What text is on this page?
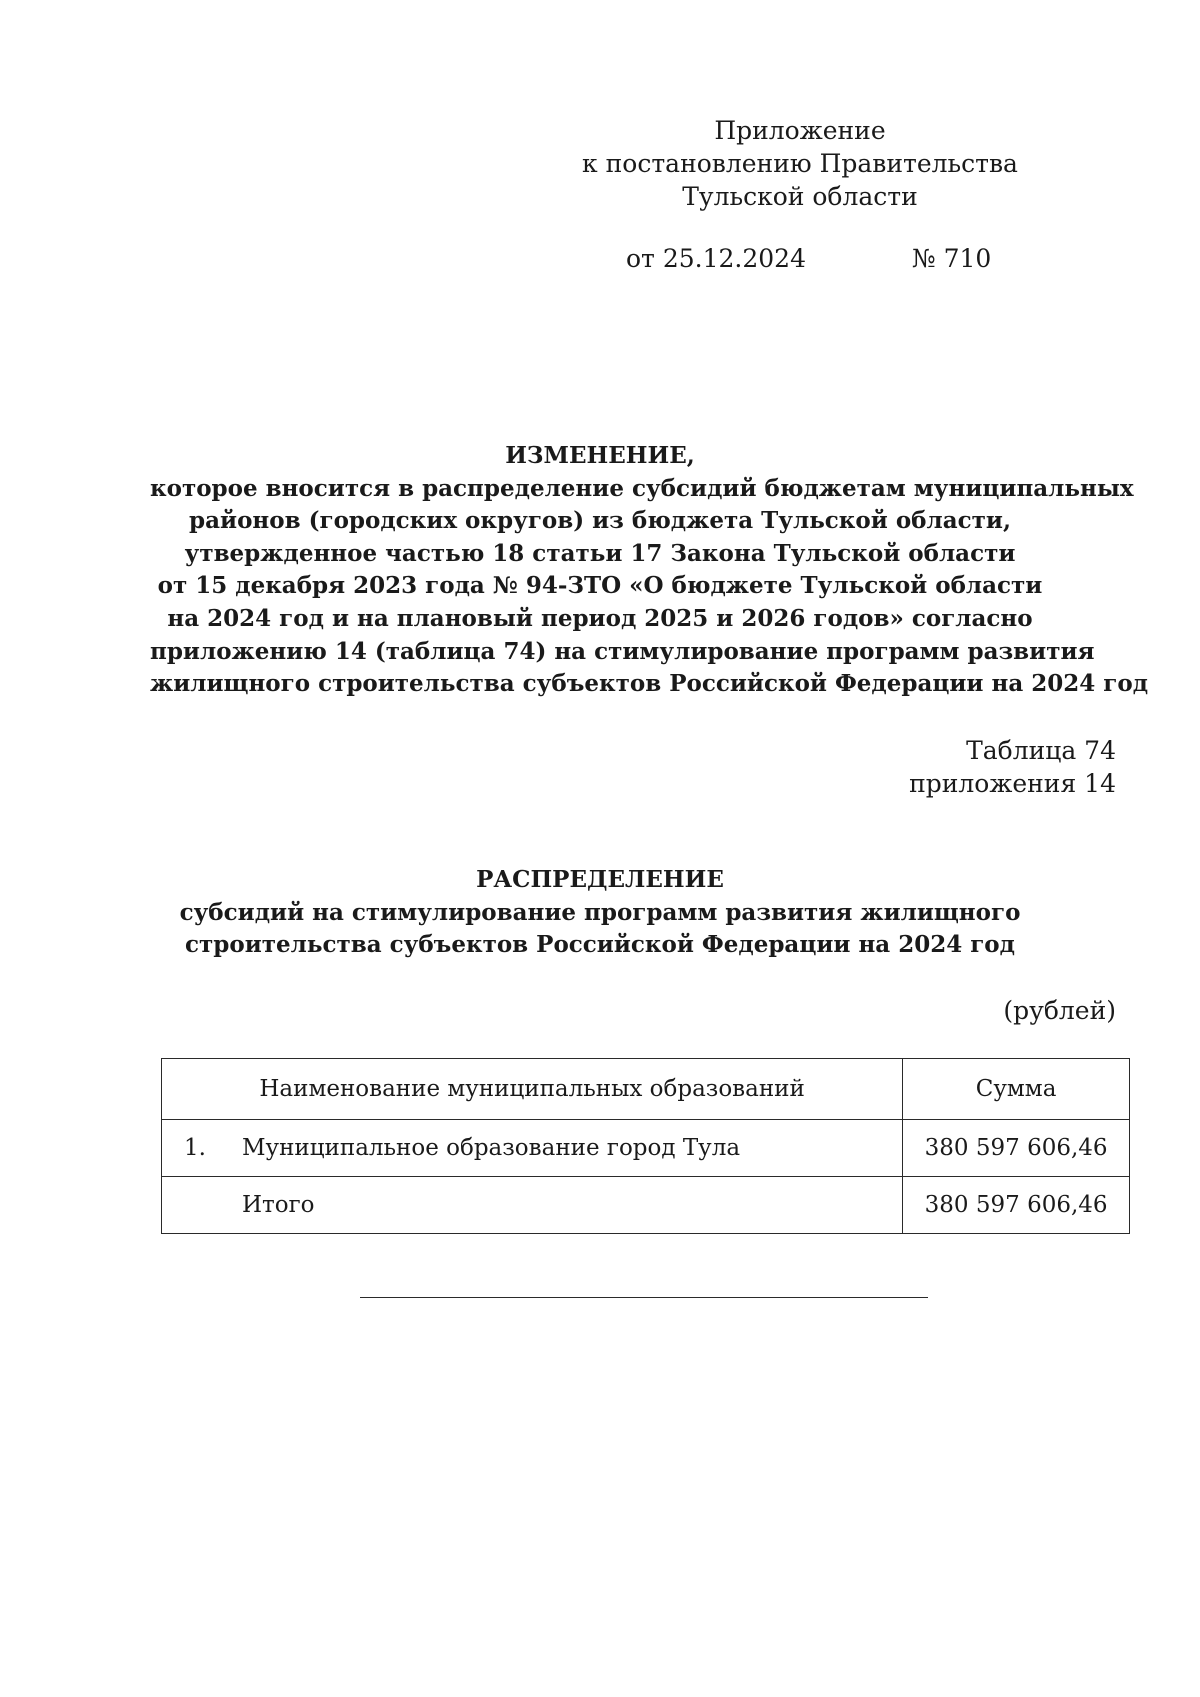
Приложение
к постановлению Правительства
Тульской области
от 25.12.2024	№ 710
ИЗМЕНЕНИЕ,
которое вносится в распределение субсидий бюджетам муниципальных
районов (городских округов) из бюджета Тульской области,
утвержденное частью 18 статьи 17 Закона Тульской области
от 15 декабря 2023 года № 94-ЗТО «О бюджете Тульской области
на 2024 год и на плановый период 2025 и 2026 годов» согласно
приложению 14 (таблица 74) на стимулирование программ развития
жилищного строительства субъектов Российской Федерации на 2024 год
Таблица 74
приложения 14
РАСПРЕДЕЛЕНИЕ
субсидий на стимулирование программ развития жилищного
строительства субъектов Российской Федерации на 2024 год
(рублей)
Наименование муниципальных образований	Сумма

1. Муниципальное образование город Тула	380 597 606,46

Итого	380 597 606,46
